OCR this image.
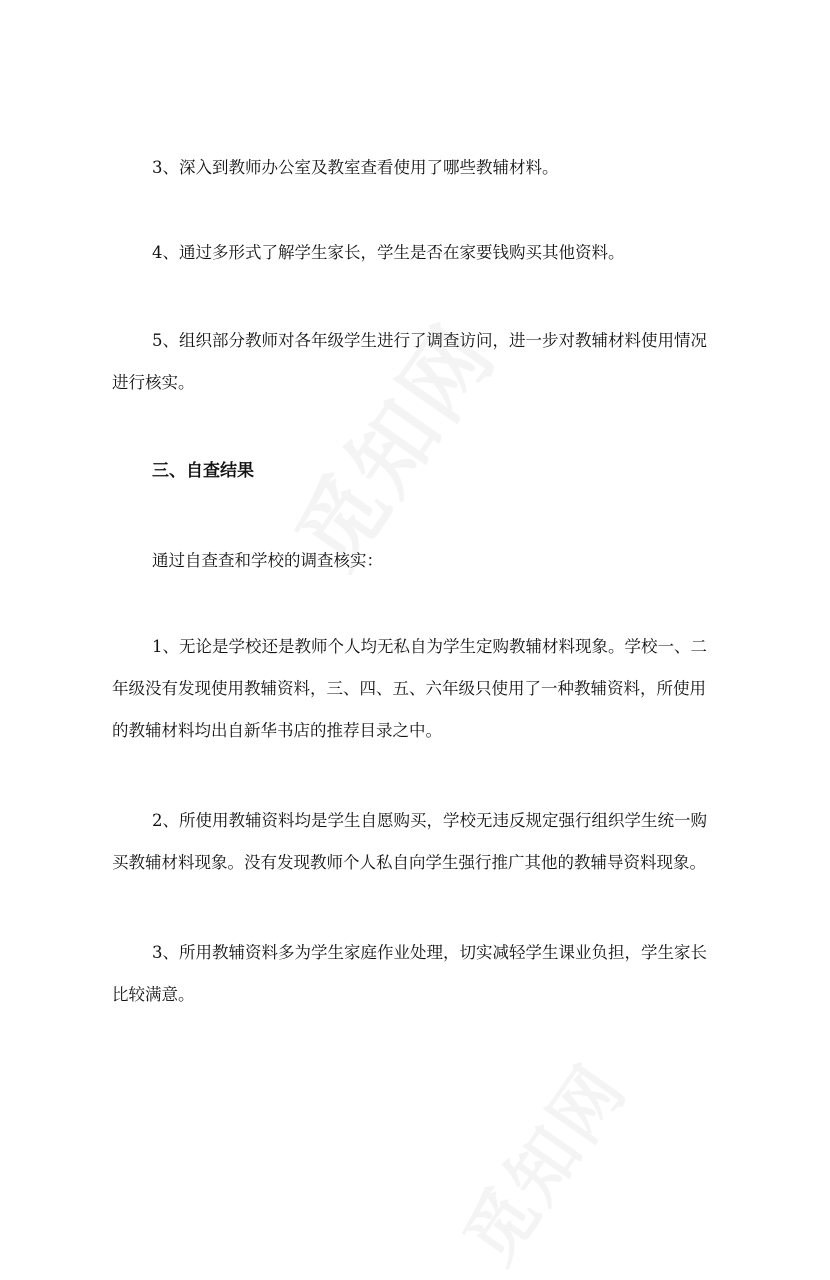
3、深入到教师办公室及教室查看使用了哪些教辅材料。

4、通过多形式了解学生家长，学生是否在家要钱购买其他资料。

5、组织部分教师对各年级学生进行了调查访问，进一步对教辅材料使用情况进行核实。

三、自查结果

通过自查查和学校的调查核实：

1、无论是学校还是教师个人均无私自为学生定购教辅材料现象。学校一、二年级没有发现使用教辅资料，三、四、五、六年级只使用了一种教辅资料，所使用的教辅材料均出自新华书店的推荐目录之中。

2、所使用教辅资料均是学生自愿购买，学校无违反规定强行组织学生统一购买教辅材料现象。没有发现教师个人私自向学生强行推广其他的教辅导资料现象。

3、所用教辅资料多为学生家庭作业处理，切实减轻学生课业负担，学生家长比较满意。
